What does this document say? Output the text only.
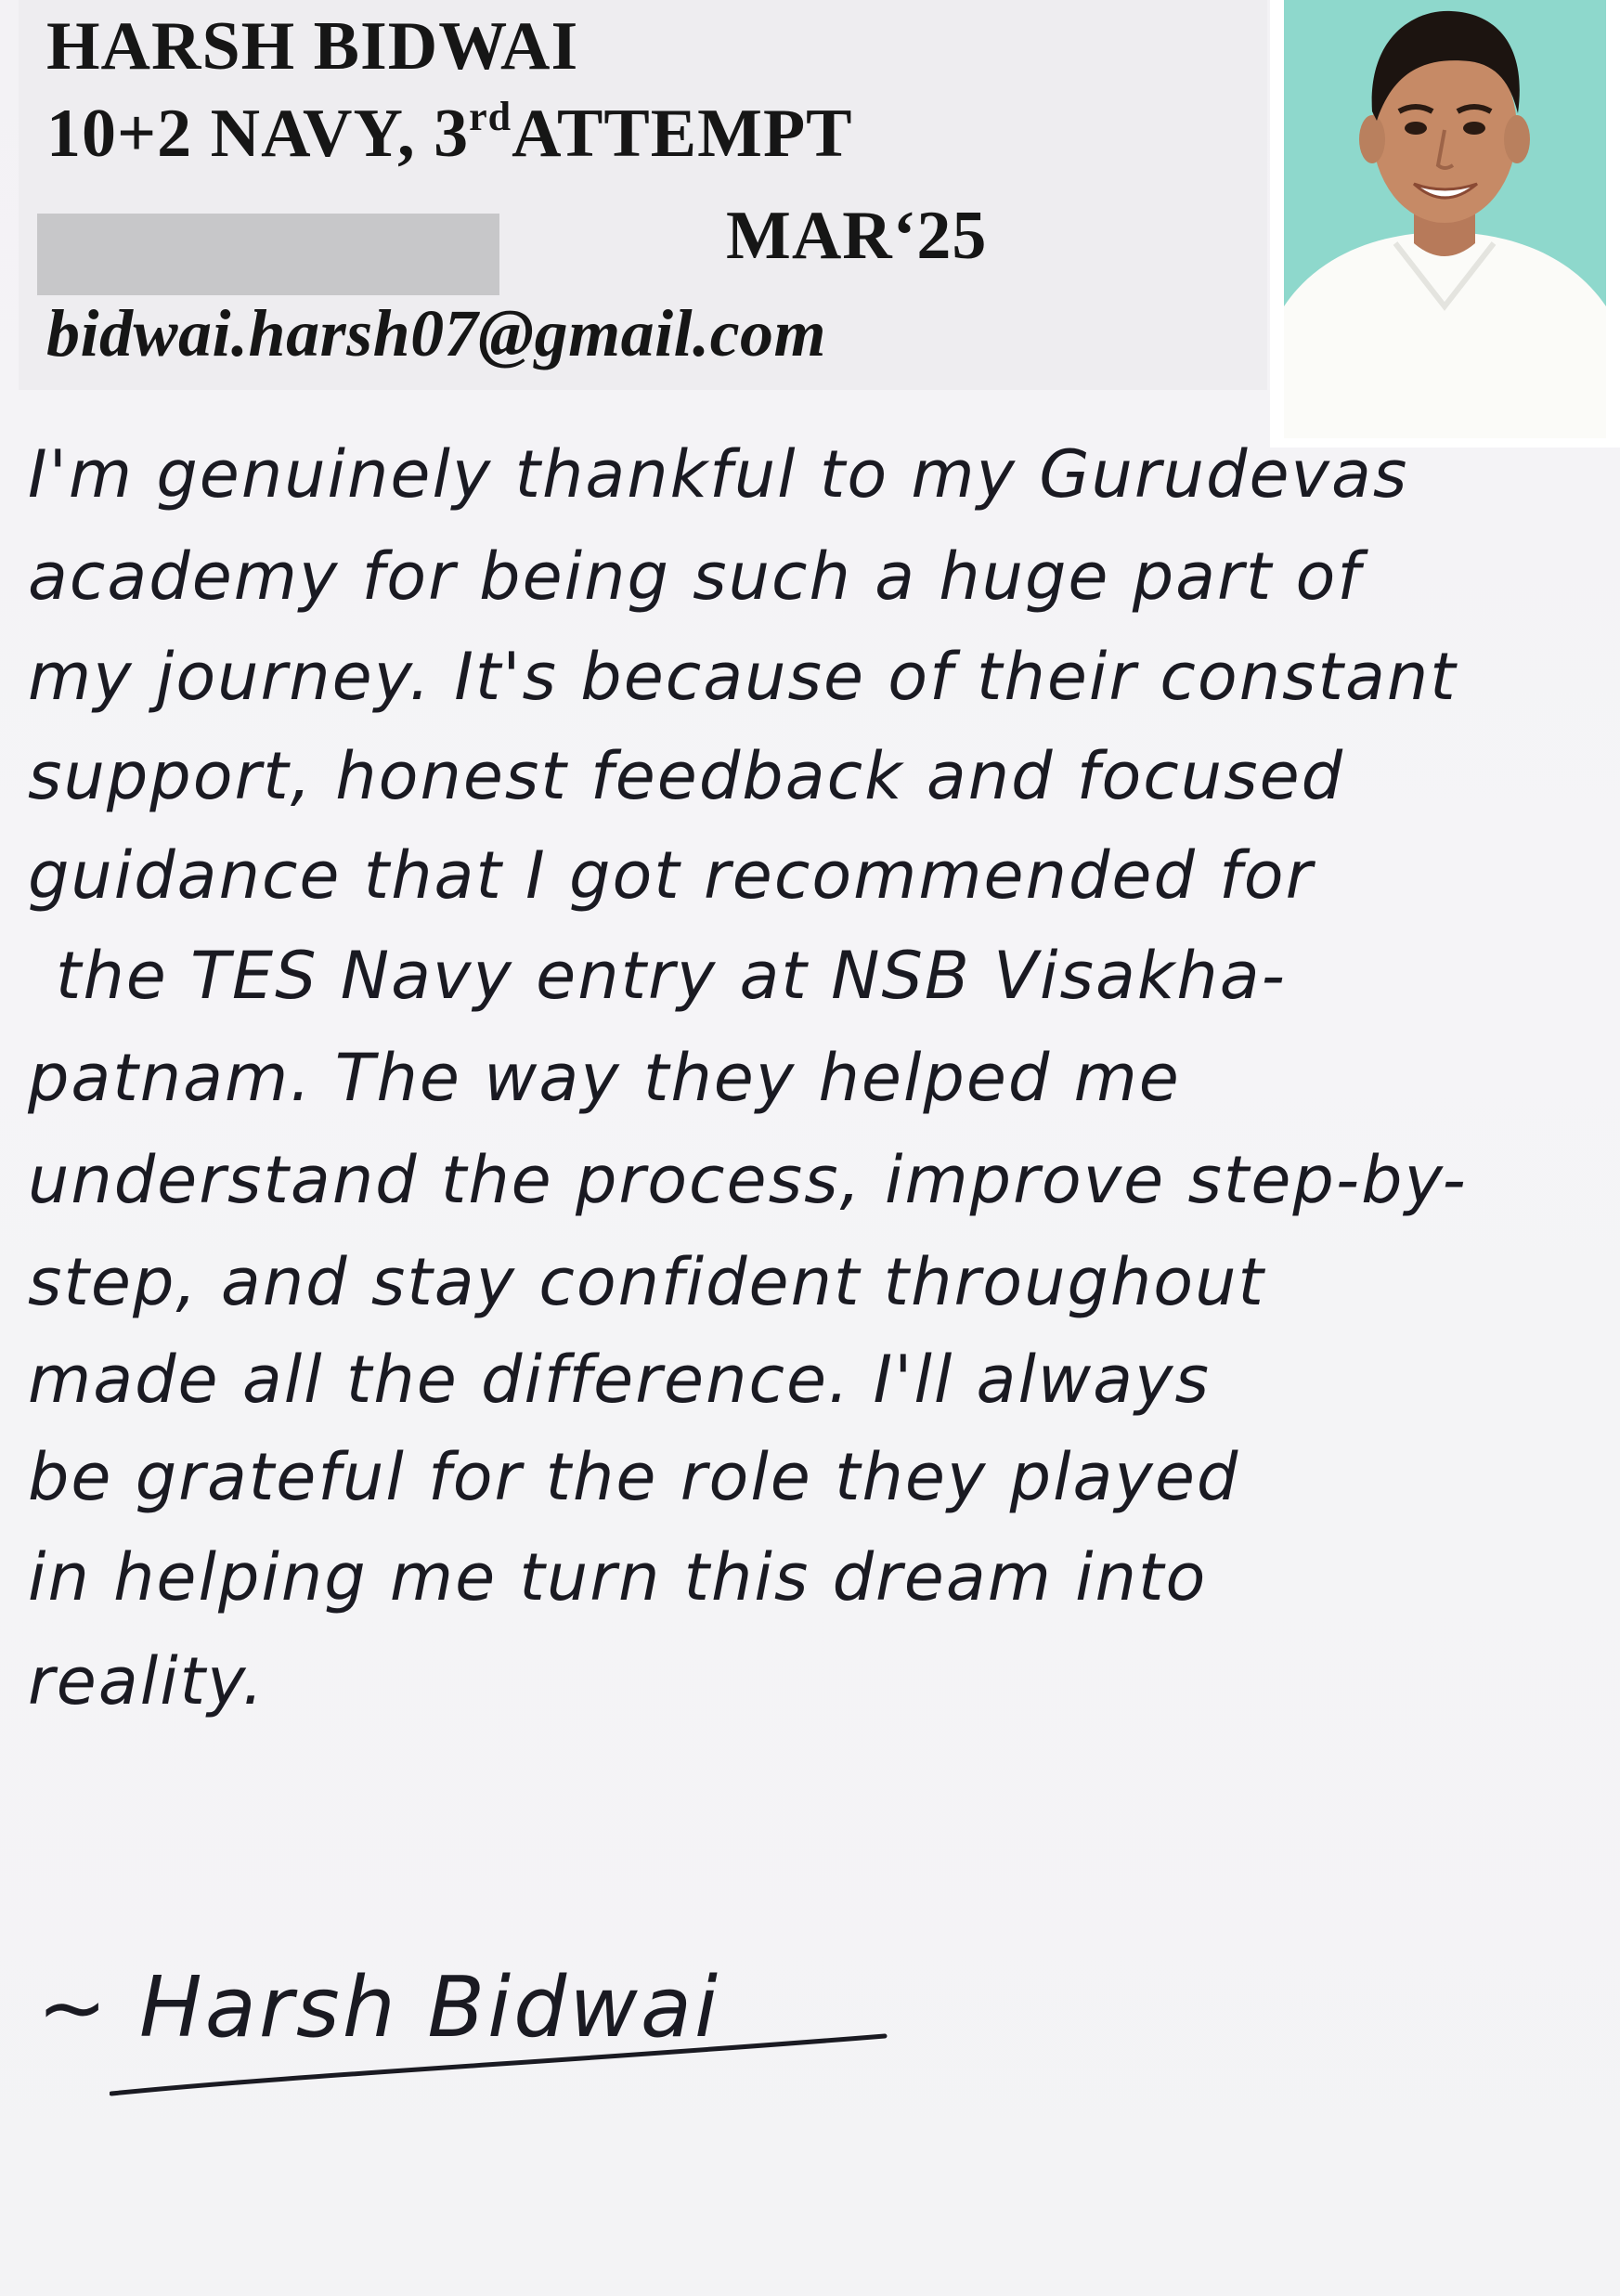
HARSH BIDWAI

10+2 NAVY, 3rdATTEMPT

MAR‘25

bidwai.harsh07@gmail.com

I'm genuinely thankful to my Gurudevas

academy for being such a huge part of

my journey. It's because of their constant

support, honest feedback and focused

guidance that I got recommended for

the TES Navy entry at NSB Visakha-

patnam. The way they helped me

understand the process, improve step-by-

step, and stay confident throughout

made all the difference. I'll always

be grateful for the role they played

in helping me turn this dream into

reality.

~ Harsh Bidwai
